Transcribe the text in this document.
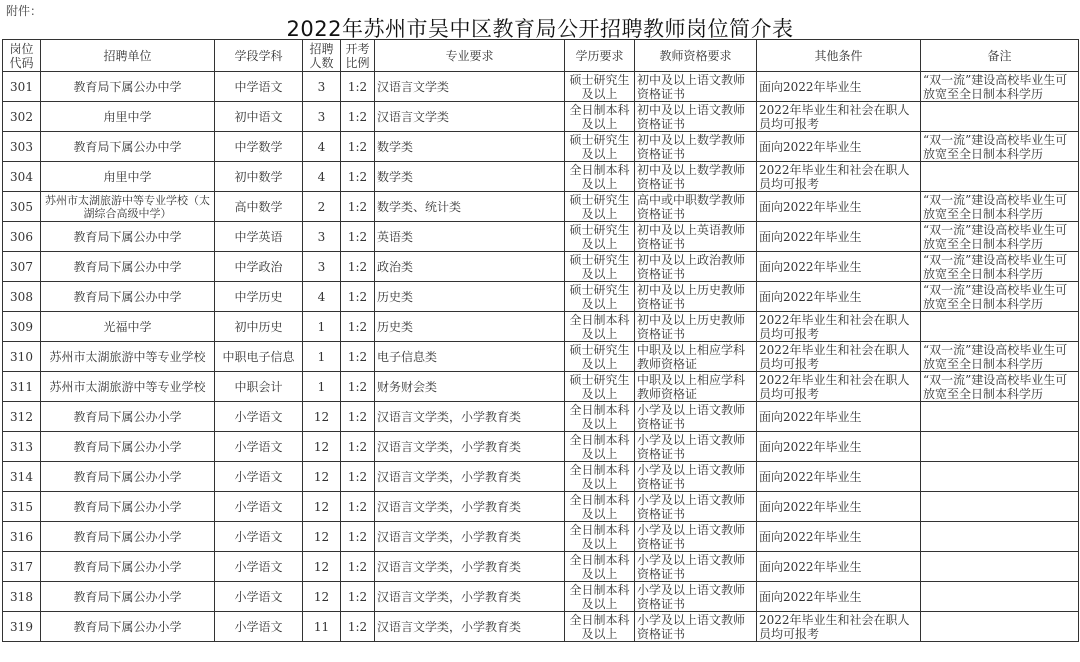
附件：
2022年苏州市吴中区教育局公开招聘教师岗位简介表
岗位代码	招聘单位	学段学科	招聘人数	开考比例	专业要求	学历要求	教师资格要求	其他条件	备注
301	教育局下属公办中学	中学语文	3	1:2	汉语言文学类	硕士研究生及以上	初中及以上语文教师资格证书	面向2022年毕业生	“双一流”建设高校毕业生可放宽至全日制本科学历
302	甪里中学	初中语文	3	1:2	汉语言文学类	全日制本科及以上	初中及以上语文教师资格证书	2022年毕业生和社会在职人员均可报考	
303	教育局下属公办中学	中学数学	4	1:2	数学类	硕士研究生及以上	初中及以上数学教师资格证书	面向2022年毕业生	“双一流”建设高校毕业生可放宽至全日制本科学历
304	甪里中学	初中数学	4	1:2	数学类	全日制本科及以上	初中及以上数学教师资格证书	2022年毕业生和社会在职人员均可报考	
305	苏州市太湖旅游中等专业学校（太湖综合高级中学）	高中数学	2	1:2	数学类、统计类	硕士研究生及以上	高中或中职数学教师资格证书	面向2022年毕业生	“双一流”建设高校毕业生可放宽至全日制本科学历
306	教育局下属公办中学	中学英语	3	1:2	英语类	硕士研究生及以上	初中及以上英语教师资格证书	面向2022年毕业生	“双一流”建设高校毕业生可放宽至全日制本科学历
307	教育局下属公办中学	中学政治	3	1:2	政治类	硕士研究生及以上	初中及以上政治教师资格证书	面向2022年毕业生	“双一流”建设高校毕业生可放宽至全日制本科学历
308	教育局下属公办中学	中学历史	4	1:2	历史类	硕士研究生及以上	初中及以上历史教师资格证书	面向2022年毕业生	“双一流”建设高校毕业生可放宽至全日制本科学历
309	光福中学	初中历史	1	1:2	历史类	全日制本科及以上	初中及以上历史教师资格证书	2022年毕业生和社会在职人员均可报考	
310	苏州市太湖旅游中等专业学校	中职电子信息	1	1:2	电子信息类	硕士研究生及以上	中职及以上相应学科教师资格证	2022年毕业生和社会在职人员均可报考	“双一流”建设高校毕业生可放宽至全日制本科学历
311	苏州市太湖旅游中等专业学校	中职会计	1	1:2	财务财会类	硕士研究生及以上	中职及以上相应学科教师资格证	2022年毕业生和社会在职人员均可报考	“双一流”建设高校毕业生可放宽至全日制本科学历
312	教育局下属公办小学	小学语文	12	1:2	汉语言文学类，小学教育类	全日制本科及以上	小学及以上语文教师资格证书	面向2022年毕业生	
313	教育局下属公办小学	小学语文	12	1:2	汉语言文学类，小学教育类	全日制本科及以上	小学及以上语文教师资格证书	面向2022年毕业生	
314	教育局下属公办小学	小学语文	12	1:2	汉语言文学类，小学教育类	全日制本科及以上	小学及以上语文教师资格证书	面向2022年毕业生	
315	教育局下属公办小学	小学语文	12	1:2	汉语言文学类，小学教育类	全日制本科及以上	小学及以上语文教师资格证书	面向2022年毕业生	
316	教育局下属公办小学	小学语文	12	1:2	汉语言文学类，小学教育类	全日制本科及以上	小学及以上语文教师资格证书	面向2022年毕业生	
317	教育局下属公办小学	小学语文	12	1:2	汉语言文学类，小学教育类	全日制本科及以上	小学及以上语文教师资格证书	面向2022年毕业生	
318	教育局下属公办小学	小学语文	12	1:2	汉语言文学类，小学教育类	全日制本科及以上	小学及以上语文教师资格证书	面向2022年毕业生	
319	教育局下属公办小学	小学语文	11	1:2	汉语言文学类，小学教育类	全日制本科及以上	小学及以上语文教师资格证书	2022年毕业生和社会在职人员均可报考	
